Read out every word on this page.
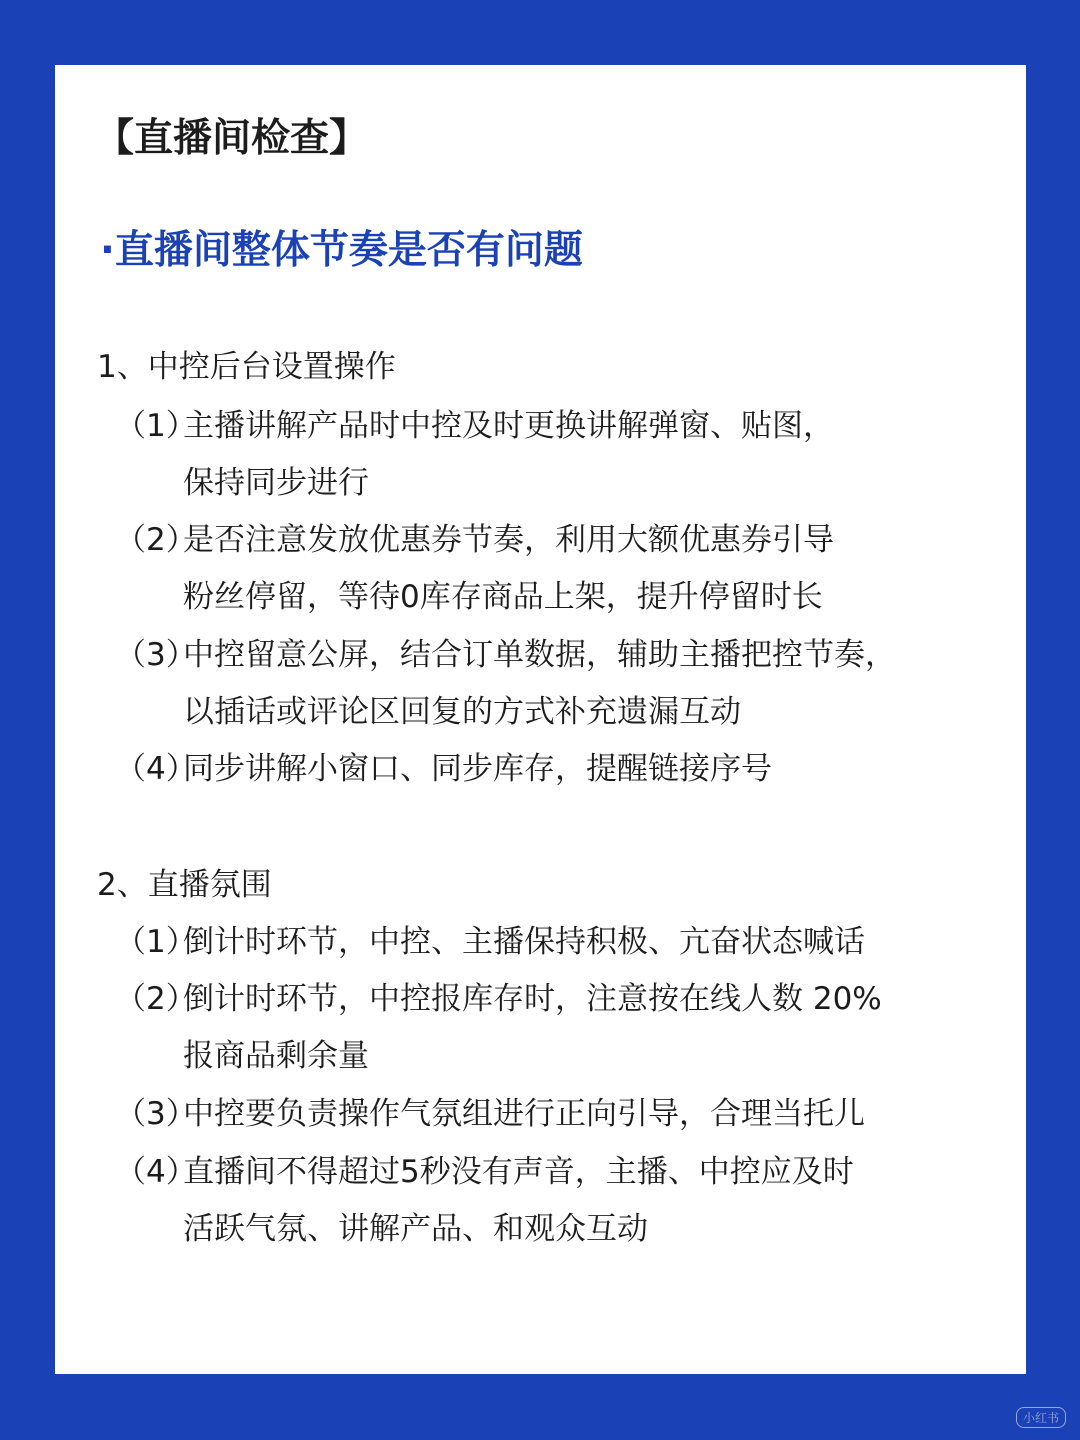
【直播间检查】
·直播间整体节奏是否有问题
1、中控后台设置操作
（1）
主播讲解产品时中控及时更换讲解弹窗、贴图，
保持同步进行
（2）
是否注意发放优惠券节奏，利用大额优惠券引导
粉丝停留，等待0库存商品上架，提升停留时长
（3）
中控留意公屏，结合订单数据，辅助主播把控节奏，
以插话或评论区回复的方式补充遗漏互动
（4）
同步讲解小窗口、同步库存，提醒链接序号
2、直播氛围
（1）
倒计时环节，中控、主播保持积极、亢奋状态喊话
（2）
倒计时环节，中控报库存时，注意按在线人数 20%
报商品剩余量
（3）
中控要负责操作气氛组进行正向引导，合理当托儿
（4）
直播间不得超过5秒没有声音，主播、中控应及时
活跃气氛、讲解产品、和观众互动
小红书
